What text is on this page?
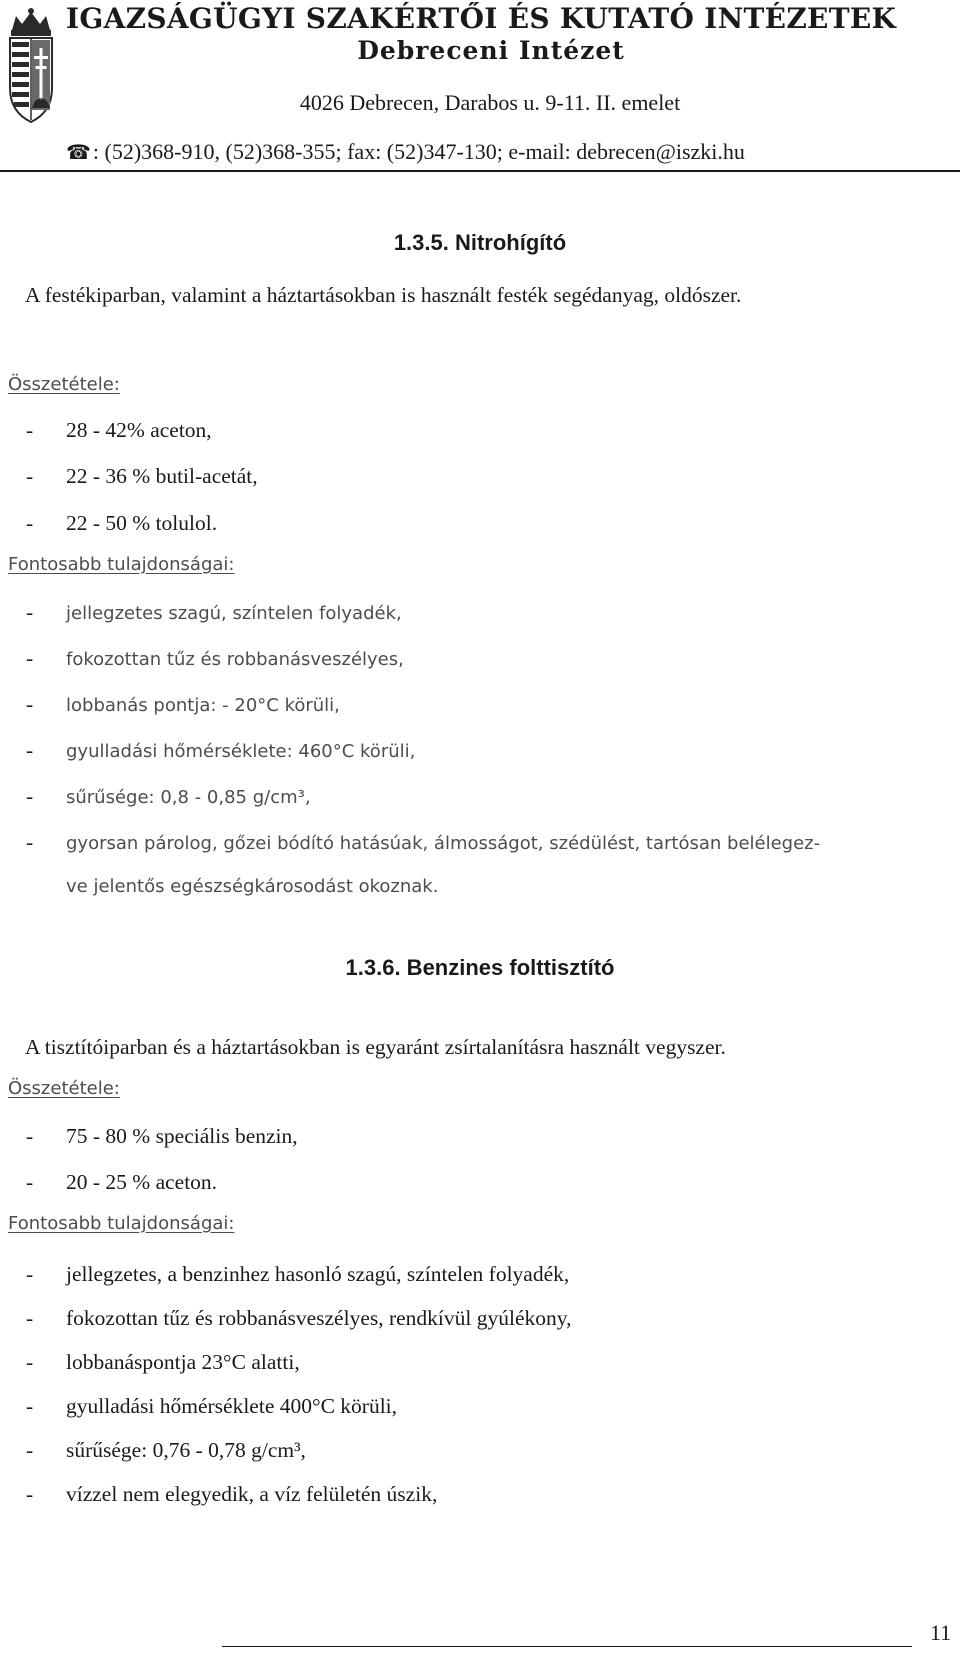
IGAZSÁGÜGYI SZAKÉRTŐI ÉS KUTATÓ INTÉZETEK
Debreceni Intézet
4026 Debrecen, Darabos u. 9-11. II. emelet
☎: (52)368-910, (52)368-355; fax: (52)347-130; e-mail: debrecen@iszki.hu
1.3.5. Nitrohígító
A festékiparban, valamint a háztartásokban is használt festék segédanyag, oldószer.
Összetétele:
- 28 - 42% aceton,
- 22 - 36 % butil-acetát,
- 22 - 50 % tolulol.
Fontosabb tulajdonságai:
- jellegzetes szagú, színtelen folyadék,
- fokozottan tűz és robbanásveszélyes,
- lobbanás pontja: - 20°C körüli,
- gyulladási hőmérséklete: 460°C körüli,
- sűrűsége: 0,8 - 0,85 g/cm³,
- gyorsan párolog, gőzei bódító hatásúak, álmosságot, szédülést, tartósan belélegez-
ve jelentős egészségkárosodást okoznak.
1.3.6. Benzines folttisztító
A tisztítóiparban és a háztartásokban is egyaránt zsírtalanításra használt vegyszer.
Összetétele:
- 75 - 80 % speciális benzin,
- 20 - 25 % aceton.
Fontosabb tulajdonságai:
- jellegzetes, a benzinhez hasonló szagú, színtelen folyadék,
- fokozottan tűz és robbanásveszélyes, rendkívül gyúlékony,
- lobbanáspontja 23°C alatti,
- gyulladási hőmérséklete 400°C körüli,
- sűrűsége: 0,76 - 0,78 g/cm³,
- vízzel nem elegyedik, a víz felületén úszik,
11
